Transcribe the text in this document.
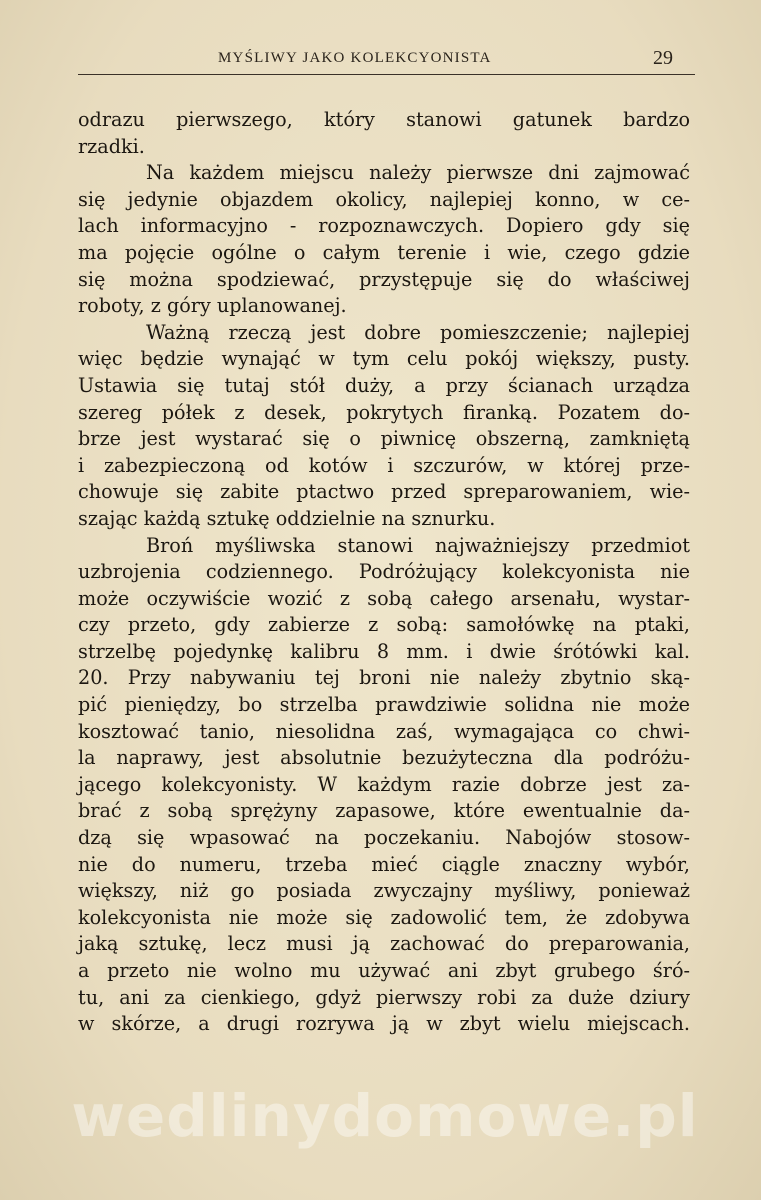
MYŚLIWY JAKO KOLEKCYONISTA	29
odrazu pierwszego, który stanowi gatunek bardzo
rzadki.
Na każdem miejscu należy pierwsze dni zajmować
się jedynie objazdem okolicy, najlepiej konno, w ce-
lach informacyjno - rozpoznawczych. Dopiero gdy się
ma pojęcie ogólne o całym terenie i wie, czego gdzie
się można spodziewać, przystępuje się do właściwej
roboty, z góry uplanowanej.
Ważną rzeczą jest dobre pomieszczenie; najlepiej
więc będzie wynająć w tym celu pokój większy, pusty.
Ustawia się tutaj stół duży, a przy ścianach urządza
szereg półek z desek, pokrytych firanką. Pozatem do-
brze jest wystarać się o piwnicę obszerną, zamkniętą
i zabezpieczoną od kotów i szczurów, w której prze-
chowuje się zabite ptactwo przed spreparowaniem, wie-
szając każdą sztukę oddzielnie na sznurku.
Broń myśliwska stanowi najważniejszy przedmiot
uzbrojenia codziennego. Podróżujący kolekcyonista nie
może oczywiście wozić z sobą całego arsenału, wystar-
czy przeto, gdy zabierze z sobą: samołówkę na ptaki,
strzelbę pojedynkę kalibru 8 mm. i dwie śrótówki kal.
20. Przy nabywaniu tej broni nie należy zbytnio ską-
pić pieniędzy, bo strzelba prawdziwie solidna nie może
kosztować tanio, niesolidna zaś, wymagająca co chwi-
la naprawy, jest absolutnie bezużyteczna dla podróżu-
jącego kolekcyonisty. W każdym razie dobrze jest za-
brać z sobą sprężyny zapasowe, które ewentualnie da-
dzą się wpasować na poczekaniu. Nabojów stosow-
nie do numeru, trzeba mieć ciągle znaczny wybór,
większy, niż go posiada zwyczajny myśliwy, ponieważ
kolekcyonista nie może się zadowolić tem, że zdobywa
jaką sztukę, lecz musi ją zachować do preparowania,
a przeto nie wolno mu używać ani zbyt grubego śró-
tu, ani za cienkiego, gdyż pierwszy robi za duże dziury
w skórze, a drugi rozrywa ją w zbyt wielu miejscach.
wedlinydomowe.pl
